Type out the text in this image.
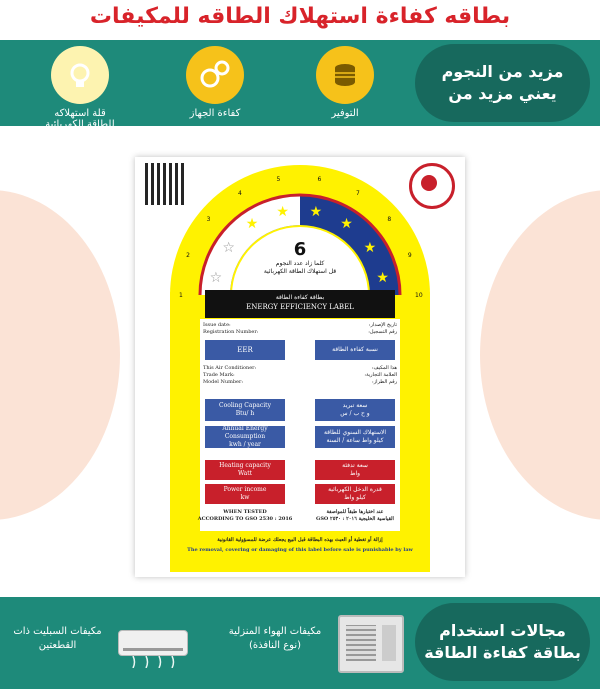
بطاقه كفاءة استهلاك الطاقه للمكيفات
مزيد من النجوم
يعني مزيد من
التوفير
كفاءة الجهاز
قلة استهلاكه
للطاقة الكهربائية
☆
☆
★
★ ★
★
★
★
1
2
3
4
5	6
7
8
9
10
6
كلما زاد عدد النجوم
قل استهلاك الطاقة الكهربائية
بطاقة كفاءة الطاقة
ENERGY EFFICIENCY LABEL
Issue date:
Registration Number:
تاريخ الإصدار:
رقم التسجيل:
EER	نسبة كفاءة الطاقة
This Air Conditioner:
Trade Mark:
Model Number:
هذا المكيف:
العلامة التجارية:
رقم الطراز:
Cooling Capacity
Btu/ h
سعة تبريد
و ح ب / س
Annual Energy Consumption
kwh / year
الاستهلاك السنوي للطاقة
كيلو واط ساعة / السنة
Heating capacity
Watt
سعة تدفئة
واط
Power income
kw
قدرة الدخل الكهربائية
كيلو واط
WHEN TESTED
ACCORDING TO GSO 2530 : 2016
عند اختبارها طبقاً للمواصفة
القياسية الخليجية ٢٠١٦ : ٢٥٣٠ GSO
إزالة أو تغطية أو العبث بهذه البطاقة قبل البيع يجعلك عرضة للمسؤولية القانونية
The removal, covering or damaging of this label before sale is punishable by law
مجالات استخدام
بطاقة كفاءة الطاقة
مكيفات الهواء المنزلية
(نوع النافذة)
مكيفات السبليت ذات
القطعتين
